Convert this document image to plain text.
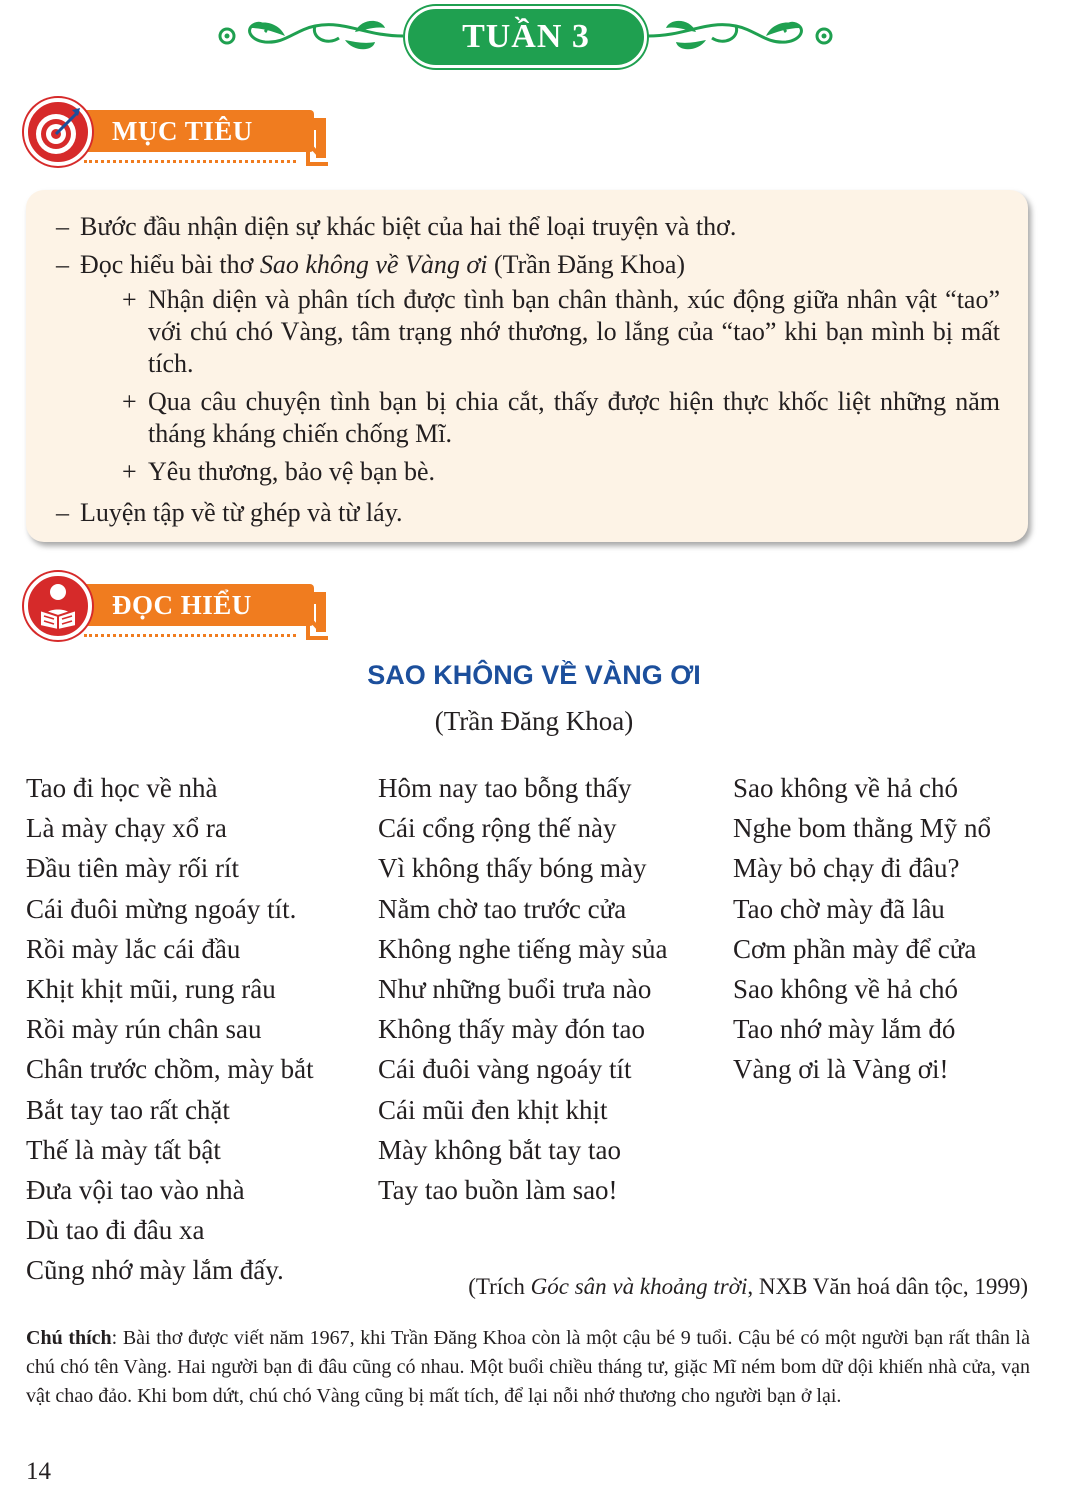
TUẦN 3
MỤC TIÊU
– Bước đầu nhận diện sự khác biệt của hai thể loại truyện và thơ.
– Đọc hiểu bài thơ Sao không về Vàng ơi (Trần Đăng Khoa)
+ Nhận diện và phân tích được tình bạn chân thành, xúc động giữa nhân vật “tao” với chú chó Vàng, tâm trạng nhớ thương, lo lắng của “tao” khi bạn mình bị mất tích.
+ Qua câu chuyện tình bạn bị chia cắt, thấy được hiện thực khốc liệt những năm tháng kháng chiến chống Mĩ.
+ Yêu thương, bảo vệ bạn bè.
– Luyện tập về từ ghép và từ láy.
ĐỌC HIỂU
SAO KHÔNG VỀ VÀNG ƠI
(Trần Đăng Khoa)
Tao đi học về nhà
Là mày chạy xổ ra
Đầu tiên mày rối rít
Cái đuôi mừng ngoáy tít.
Rồi mày lắc cái đầu
Khịt khịt mũi, rung râu
Rồi mày rún chân sau
Chân trước chồm, mày bắt
Bắt tay tao rất chặt
Thế là mày tất bật
Đưa vội tao vào nhà
Dù tao đi đâu xa
Cũng nhớ mày lắm đấy.
Hôm nay tao bỗng thấy
Cái cổng rộng thế này
Vì không thấy bóng mày
Nằm chờ tao trước cửa
Không nghe tiếng mày sủa
Như những buổi trưa nào
Không thấy mày đón tao
Cái đuôi vàng ngoáy tít
Cái mũi đen khịt khịt
Mày không bắt tay tao
Tay tao buồn làm sao!
Sao không về hả chó
Nghe bom thằng Mỹ nổ
Mày bỏ chạy đi đâu?
Tao chờ mày đã lâu
Cơm phần mày để cửa
Sao không về hả chó
Tao nhớ mày lắm đó
Vàng ơi là Vàng ơi!
(Trích Góc sân và khoảng trời, NXB Văn hoá dân tộc, 1999)
Chú thích: Bài thơ được viết năm 1967, khi Trần Đăng Khoa còn là một cậu bé 9 tuổi. Cậu bé có một người bạn rất thân là chú chó tên Vàng. Hai người bạn đi đâu cũng có nhau. Một buổi chiều tháng tư, giặc Mĩ ném bom dữ dội khiến nhà cửa, vạn vật chao đảo. Khi bom dứt, chú chó Vàng cũng bị mất tích, để lại nỗi nhớ thương cho người bạn ở lại.
14
